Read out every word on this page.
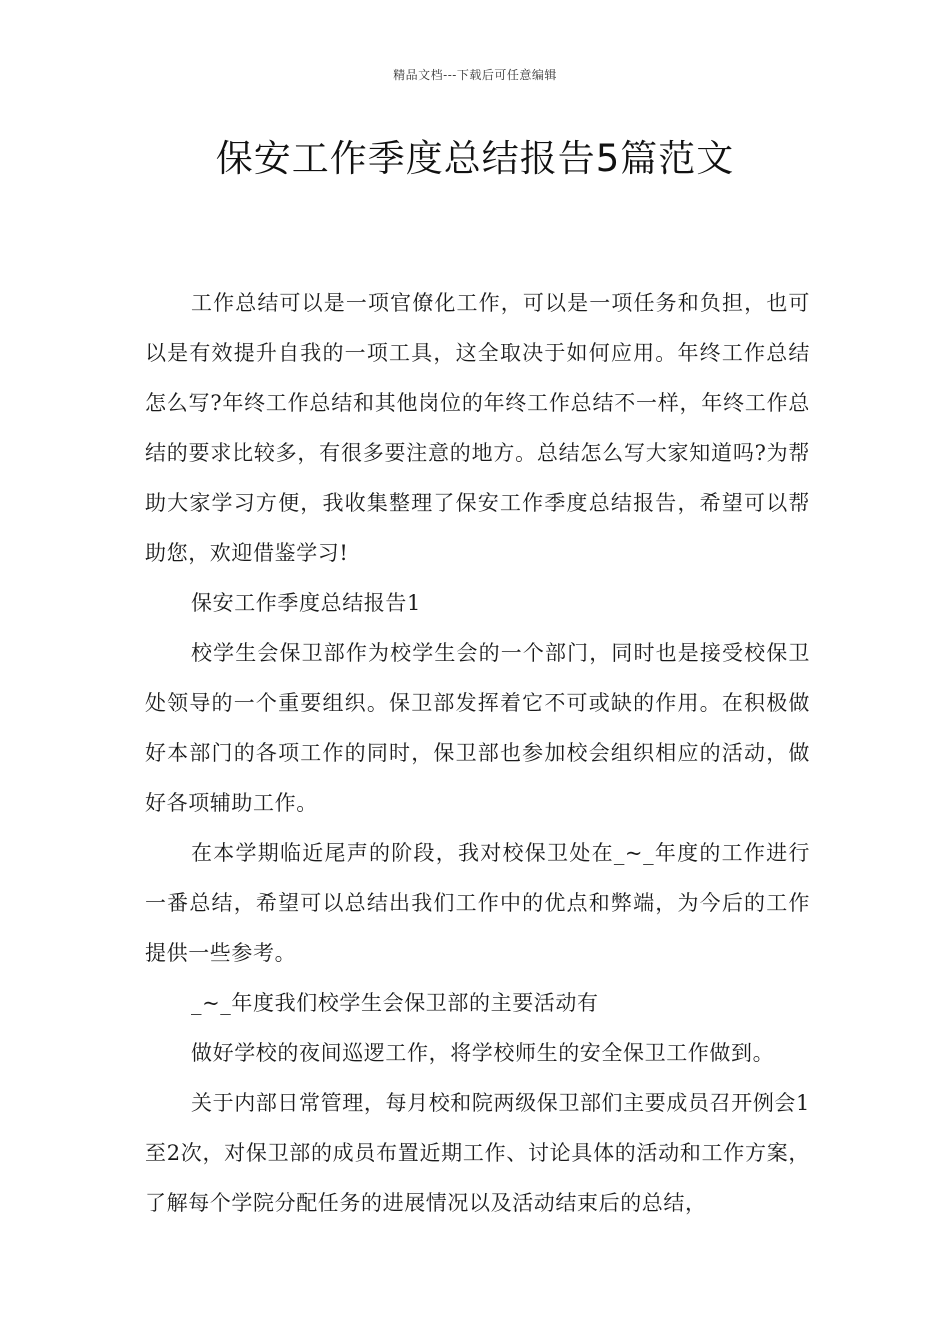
精品文档---下载后可任意编辑
保安工作季度总结报告5篇范文

工作总结可以是一项官僚化工作，可以是一项任务和负担，也可以是有效提升自我的一项工具，这全取决于如何应用。年终工作总结怎么写?年终工作总结和其他岗位的年终工作总结不一样，年终工作总结的要求比较多，有很多要注意的地方。总结怎么写大家知道吗?为帮助大家学习方便，我收集整理了保安工作季度总结报告，希望可以帮助您，欢迎借鉴学习!

保安工作季度总结报告1

校学生会保卫部作为校学生会的一个部门，同时也是接受校保卫处领导的一个重要组织。保卫部发挥着它不可或缺的作用。在积极做好本部门的各项工作的同时，保卫部也参加校会组织相应的活动，做好各项辅助工作。

在本学期临近尾声的阶段，我对校保卫处在_~_年度的工作进行一番总结，希望可以总结出我们工作中的优点和弊端，为今后的工作提供一些参考。

_~_年度我们校学生会保卫部的主要活动有

做好学校的夜间巡逻工作，将学校师生的安全保卫工作做到。

关于内部日常管理，每月校和院两级保卫部们主要成员召开例会1至2次，对保卫部的成员布置近期工作、讨论具体的活动和工作方案，了解每个学院分配任务的进展情况以及活动结束后的总结，
